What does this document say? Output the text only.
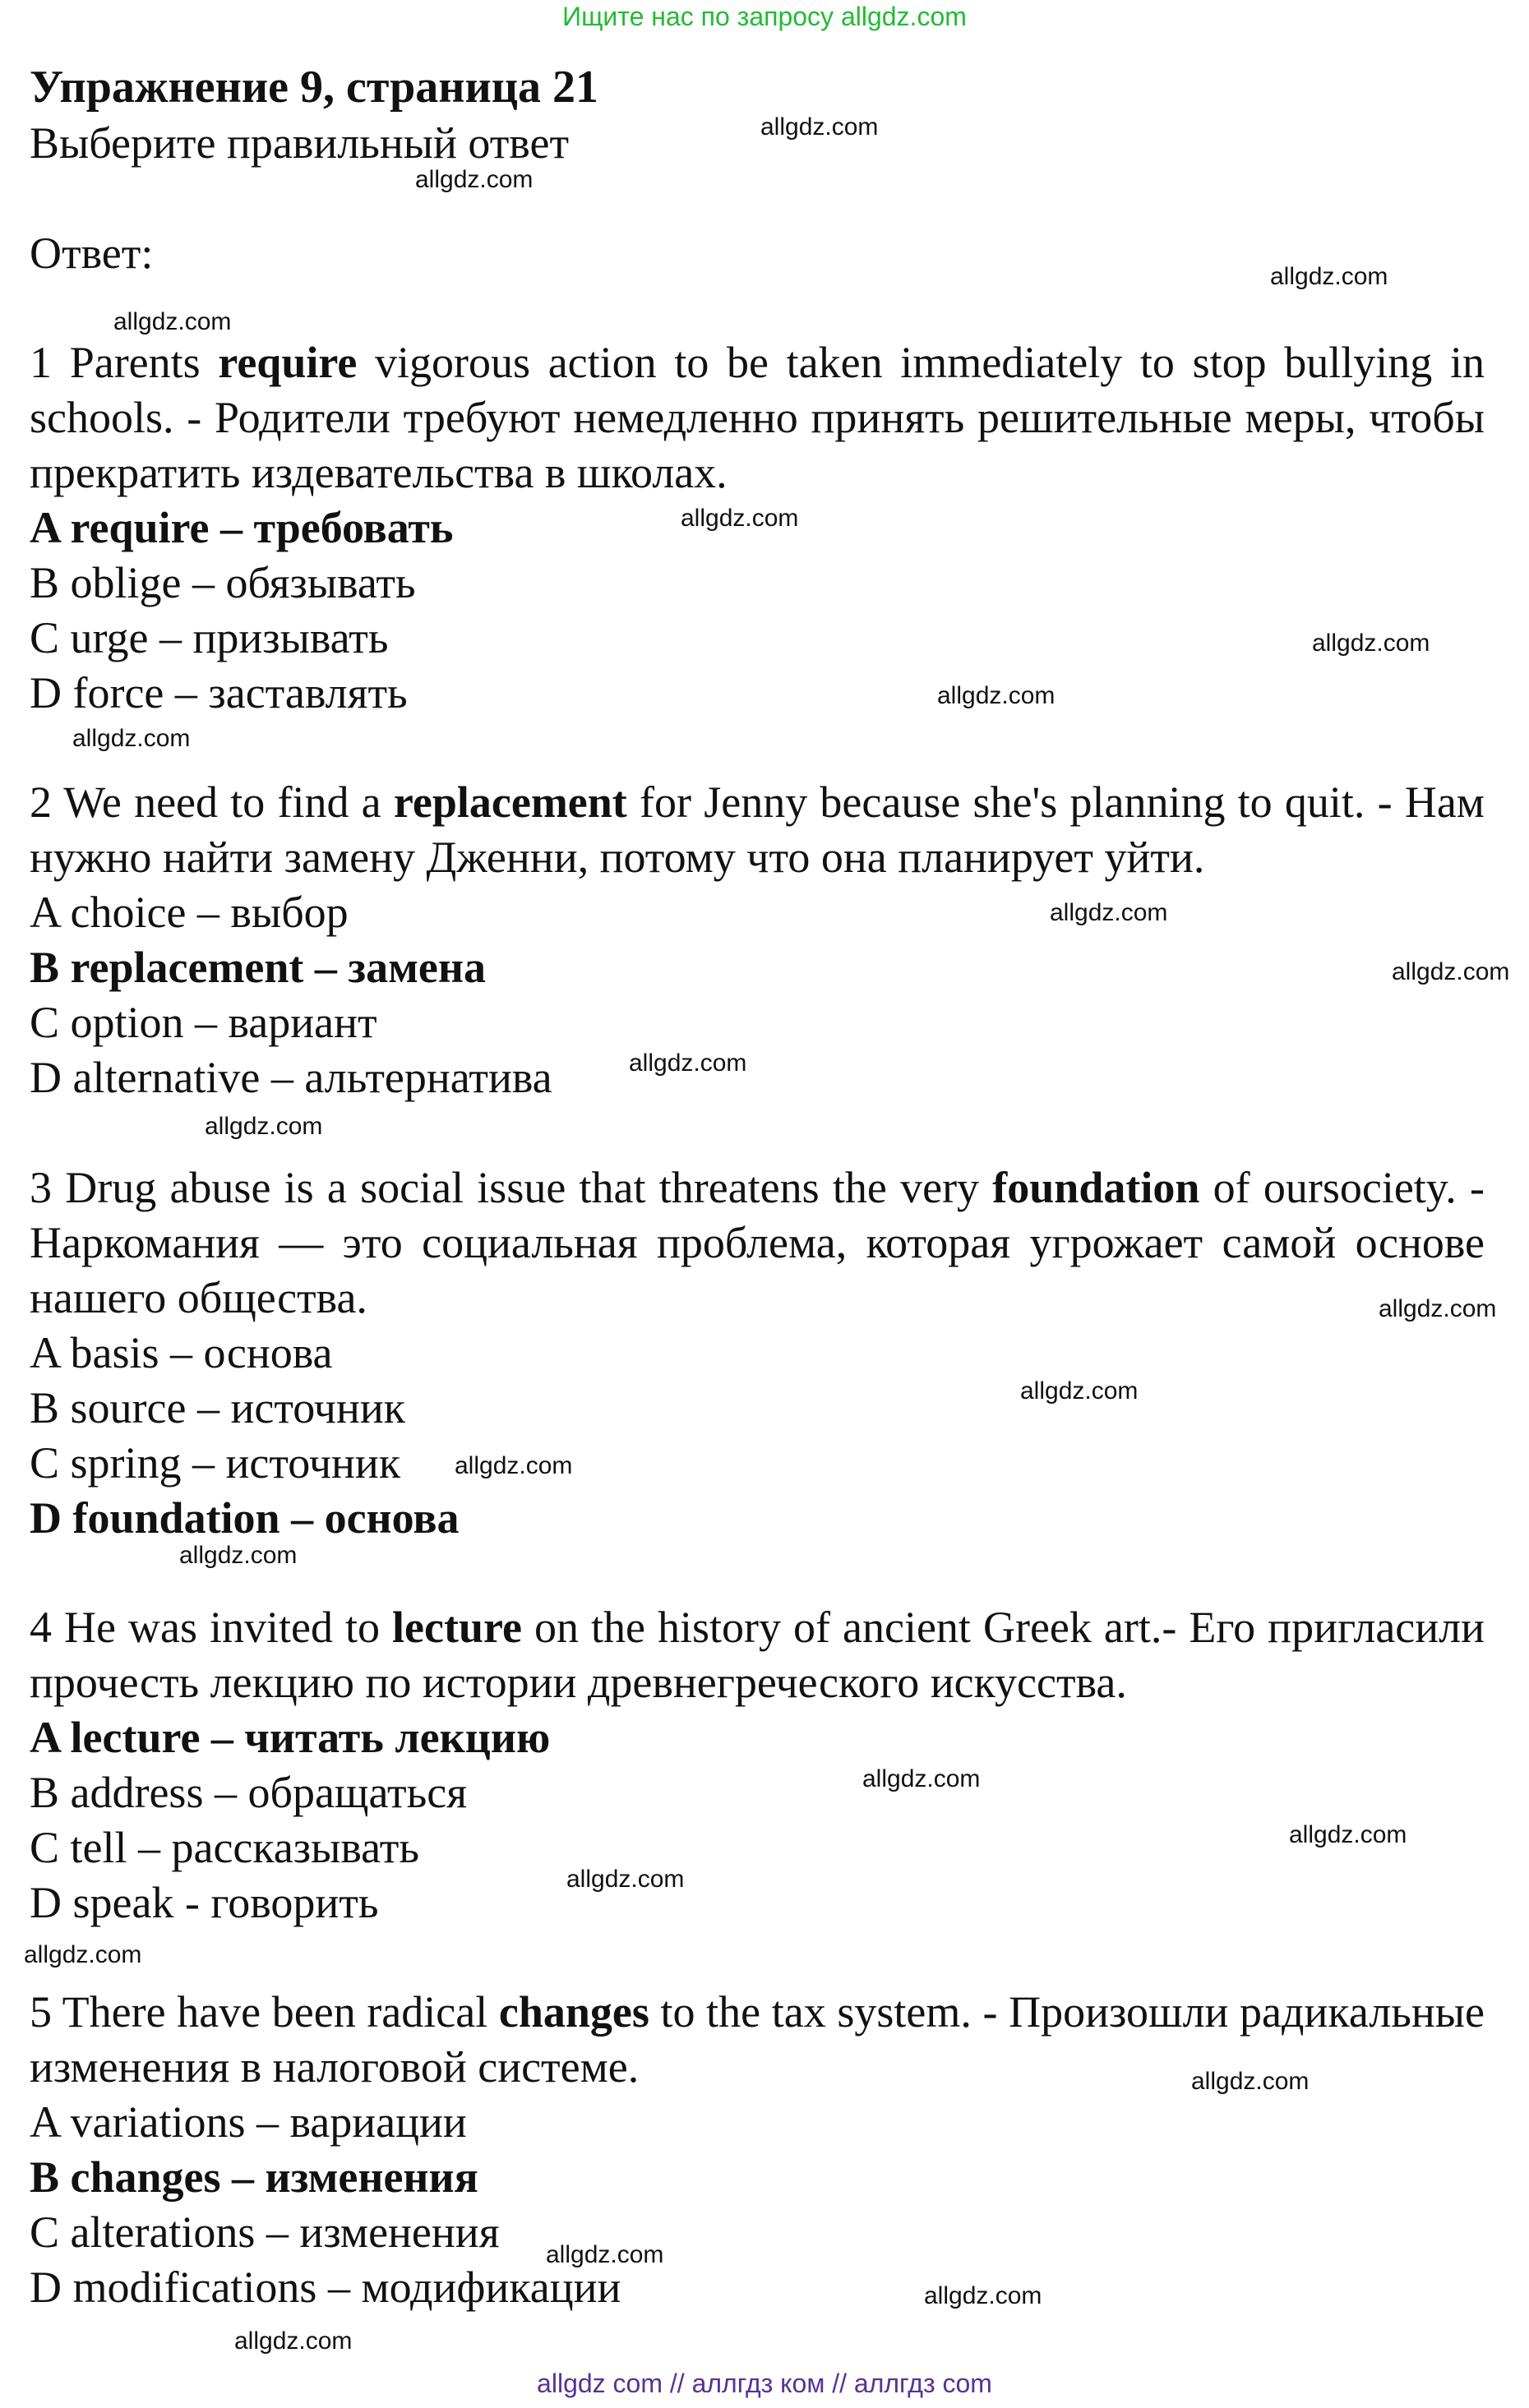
Ищите нас по запросу allgdz.com
Упражнение 9, страница 21
Выберите правильный ответ
Ответ:

1 Parents require vigorous action to be taken immediately to stop bullying in schools. - Родители требуют немедленно принять решительные меры, чтобы прекратить издевательства в школах.

A require – требовать

B oblige – обязывать

C urge – призывать

D force – заставлять

2 We need to find a replacement for Jenny because she's planning to quit. - Нам нужно найти замену Дженни, потому что она планирует уйти.

A choice – выбор

B replacement – замена

C option – вариант

D alternative – альтернатива

3 Drug abuse is a social issue that threatens the very foundation of oursociety. - Наркомания — это социальная проблема, которая угрожает самой основе нашего общества.

A basis – основа

B source – источник

C spring – источник

D foundation – основа

4 He was invited to lecture on the history of ancient Greek art.- Его пригласили прочесть лекцию по истории древнегреческого искусства.

A lecture – читать лекцию

B address – обращаться

C tell – рассказывать

D speak - говорить

5 There have been radical changes to the tax system. - Произошли радикальные изменения в налоговой системе.

A variations – вариации

B changes – изменения

C alterations – изменения

D modifications – модификации

allgdz.com
allgdz.com
allgdz.com
allgdz.com
allgdz.com
allgdz.com
allgdz.com
allgdz.com
allgdz.com
allgdz.com
allgdz.com
allgdz.com
allgdz.com
allgdz.com
allgdz.com
allgdz.com
allgdz.com
allgdz.com
allgdz.com
allgdz.com
allgdz.com
allgdz.com
allgdz.com
allgdz.com
allgdz com // аллгдз ком // аллгдз com
